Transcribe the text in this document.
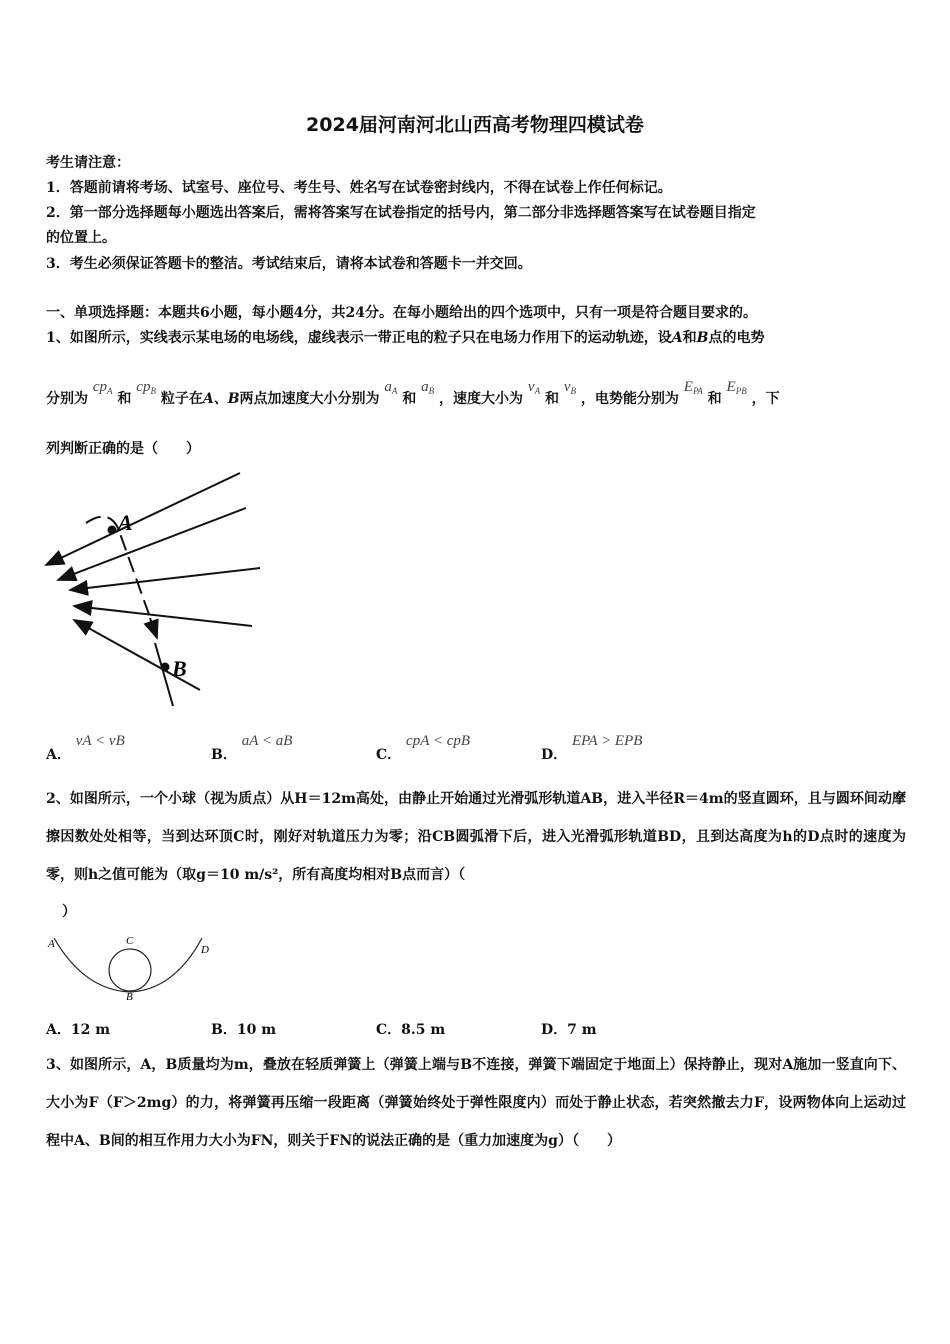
2024届河南河北山西高考物理四模试卷
考生请注意：
1．答题前请将考场、试室号、座位号、考生号、姓名写在试卷密封线内，不得在试卷上作任何标记。
2．第一部分选择题每小题选出答案后，需将答案写在试卷指定的括号内，第二部分非选择题答案写在试卷题目指定
的位置上。
3．考生必须保证答题卡的整洁。考试结束后，请将本试卷和答题卡一并交回。
一、单项选择题：本题共6小题，每小题4分，共24分。在每小题给出的四个选项中，只有一项是符合题目要求的。
1、如图所示，实线表示某电场的电场线，虚线表示一带正电的粒子只在电场力作用下的运动轨迹，设A和B点的电势
分别为 $cp_A$ 和 $cp_B$ 粒子在A、B两点加速度大小分别为 $a_A$ 和 $a_B$ ，速度大小为 $v_A$ 和 $v_B$ ，电势能分别为 $E_{PA}$ 和 $E_{PB}$ ，下
列判断正确的是（　　）
A
B
A． vA < vB
B． aA < aB
C． cpA < cpB
D． EPA > EPB
2、如图所示，一个小球（视为质点）从H＝12m高处，由静止开始通过光滑弧形轨道AB，进入半径R＝4m的竖直圆环，且与圆环间动摩擦因数处处相等，当到达环顶C时，刚好对轨道压力为零；沿CB圆弧滑下后，进入光滑弧形轨道BD，且到达高度为h的D点时的速度为零，则h之值可能为（取g＝10 m/s²，所有高度均相对B点而言）（
）
A	C
D
B
A．12 m	B．10 m	C．8.5 m	D．7 m
3、如图所示，A，B质量均为m，叠放在轻质弹簧上（弹簧上端与B不连接，弹簧下端固定于地面上）保持静止，现对A施加一竖直向下、大小为F（F＞2mg）的力，将弹簧再压缩一段距离（弹簧始终处于弹性限度内）而处于静止状态，若突然撤去力F，设两物体向上运动过程中A、B间的相互作用力大小为FN，则关于FN的说法正确的是（重力加速度为g）（　　）
